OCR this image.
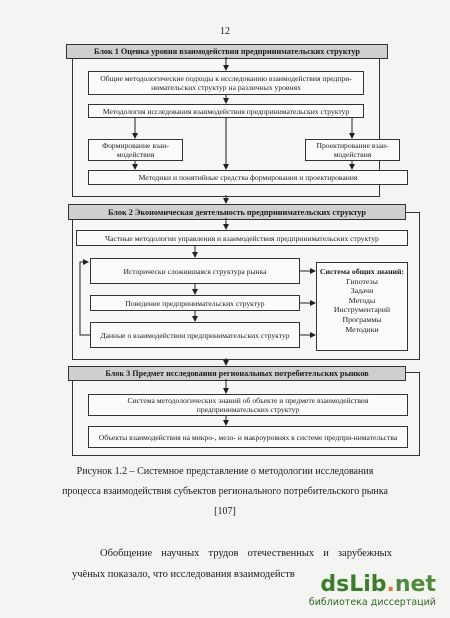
12
Блок 1 Оценка уровня взаимодействия предпринимательских структур
Общие методологические подходы к исследованию взаимодействия предпри-нимательских структур на различных уровнях
Методология исследования взаимодействия предпринимательских структур
Формирование взаи-модействия
Проектирование взаи-модействия
Методики и понятийные средства формирования и проектирования
Блок 2 Экономическая деятельность предпринимательских структур
Частные методологии управления и взаимодействия предпринимательских структур
Исторически сложившаяся структура рынка
Поведение предпринимательских структур
Данные о взаимодействии предпринимательских структур
Система общих знаний:
Гипотезы
Задачи
Методы
Инструментарий
Программы
Методики
Блок 3 Предмет исследования региональных потребительских рынков
Система методологических знаний об объекте и предмете взаимодействия предпринимательских структур
Объекты взаимодействия на микро-, мезо- и макроуровнях в системе предпри-нимательства
Рисунок 1.2 – Системное представление о методологии исследования процесса взаимодействия субъектов регионального потребительского рынка [107]

Обобщение научных трудов отечественных и зарубежных учёных показало, что исследования взаимодейств	dsLib.net
библиотека диссертаций
